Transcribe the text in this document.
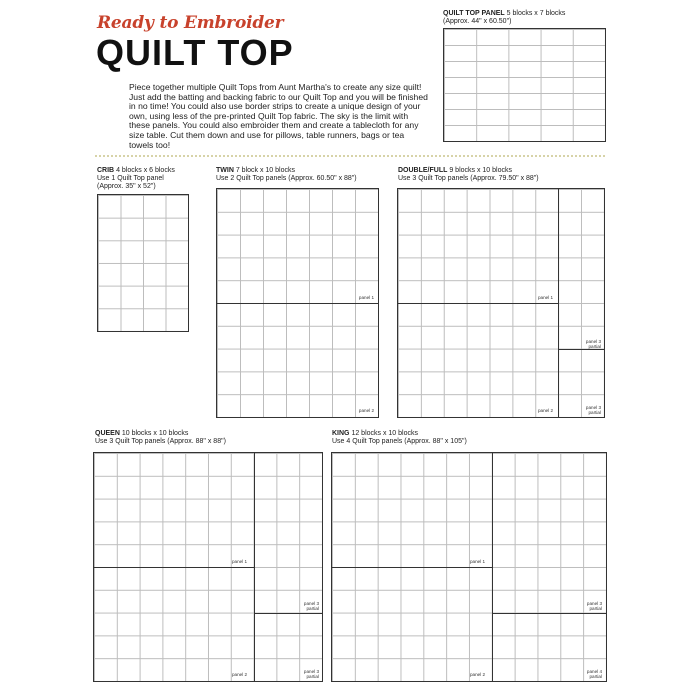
Ready to Embroider
QUILT TOP
Piece together multiple Quilt Tops from Aunt Martha's to create any size quilt! Just add the batting and backing fabric to our Quilt Top and you will be finished in no time! You could also use border strips to create a unique design of your own, using less of the pre-printed Quilt Top fabric. The sky is the limit with these panels. You could also embroider them and create a tablecloth for any size table. Cut them down and use for pillows, table runners, bags or tea towels too!
QUILT TOP PANEL 5 blocks x 7 blocks
(Approx. 44" x 60.50")
CRIB 4 blocks x 6 blocks
Use 1 Quilt Top panel
(Approx. 35" x 52")
TWIN 7 block x 10 blocks
Use 2 Quilt Top panels (Approx. 60.50" x 88")
panel 1
panel 2
DOUBLE/FULL 9 blocks x 10 blocks
Use 3 Quilt Top panels (Approx. 79.50" x 88")
panel 1
panel 2
panel 3
partial
panel 3
partial
QUEEN 10 blocks x 10 blocks
Use 3 Quilt Top panels (Approx. 88" x 88")
panel 1
panel 2
panel 3
partial
panel 3
partial
KING 12 blocks x 10 blocks
Use 4 Quilt Top panels (Approx. 88" x 105")
panel 1
panel 2
panel 3
partial
panel 4
partial
